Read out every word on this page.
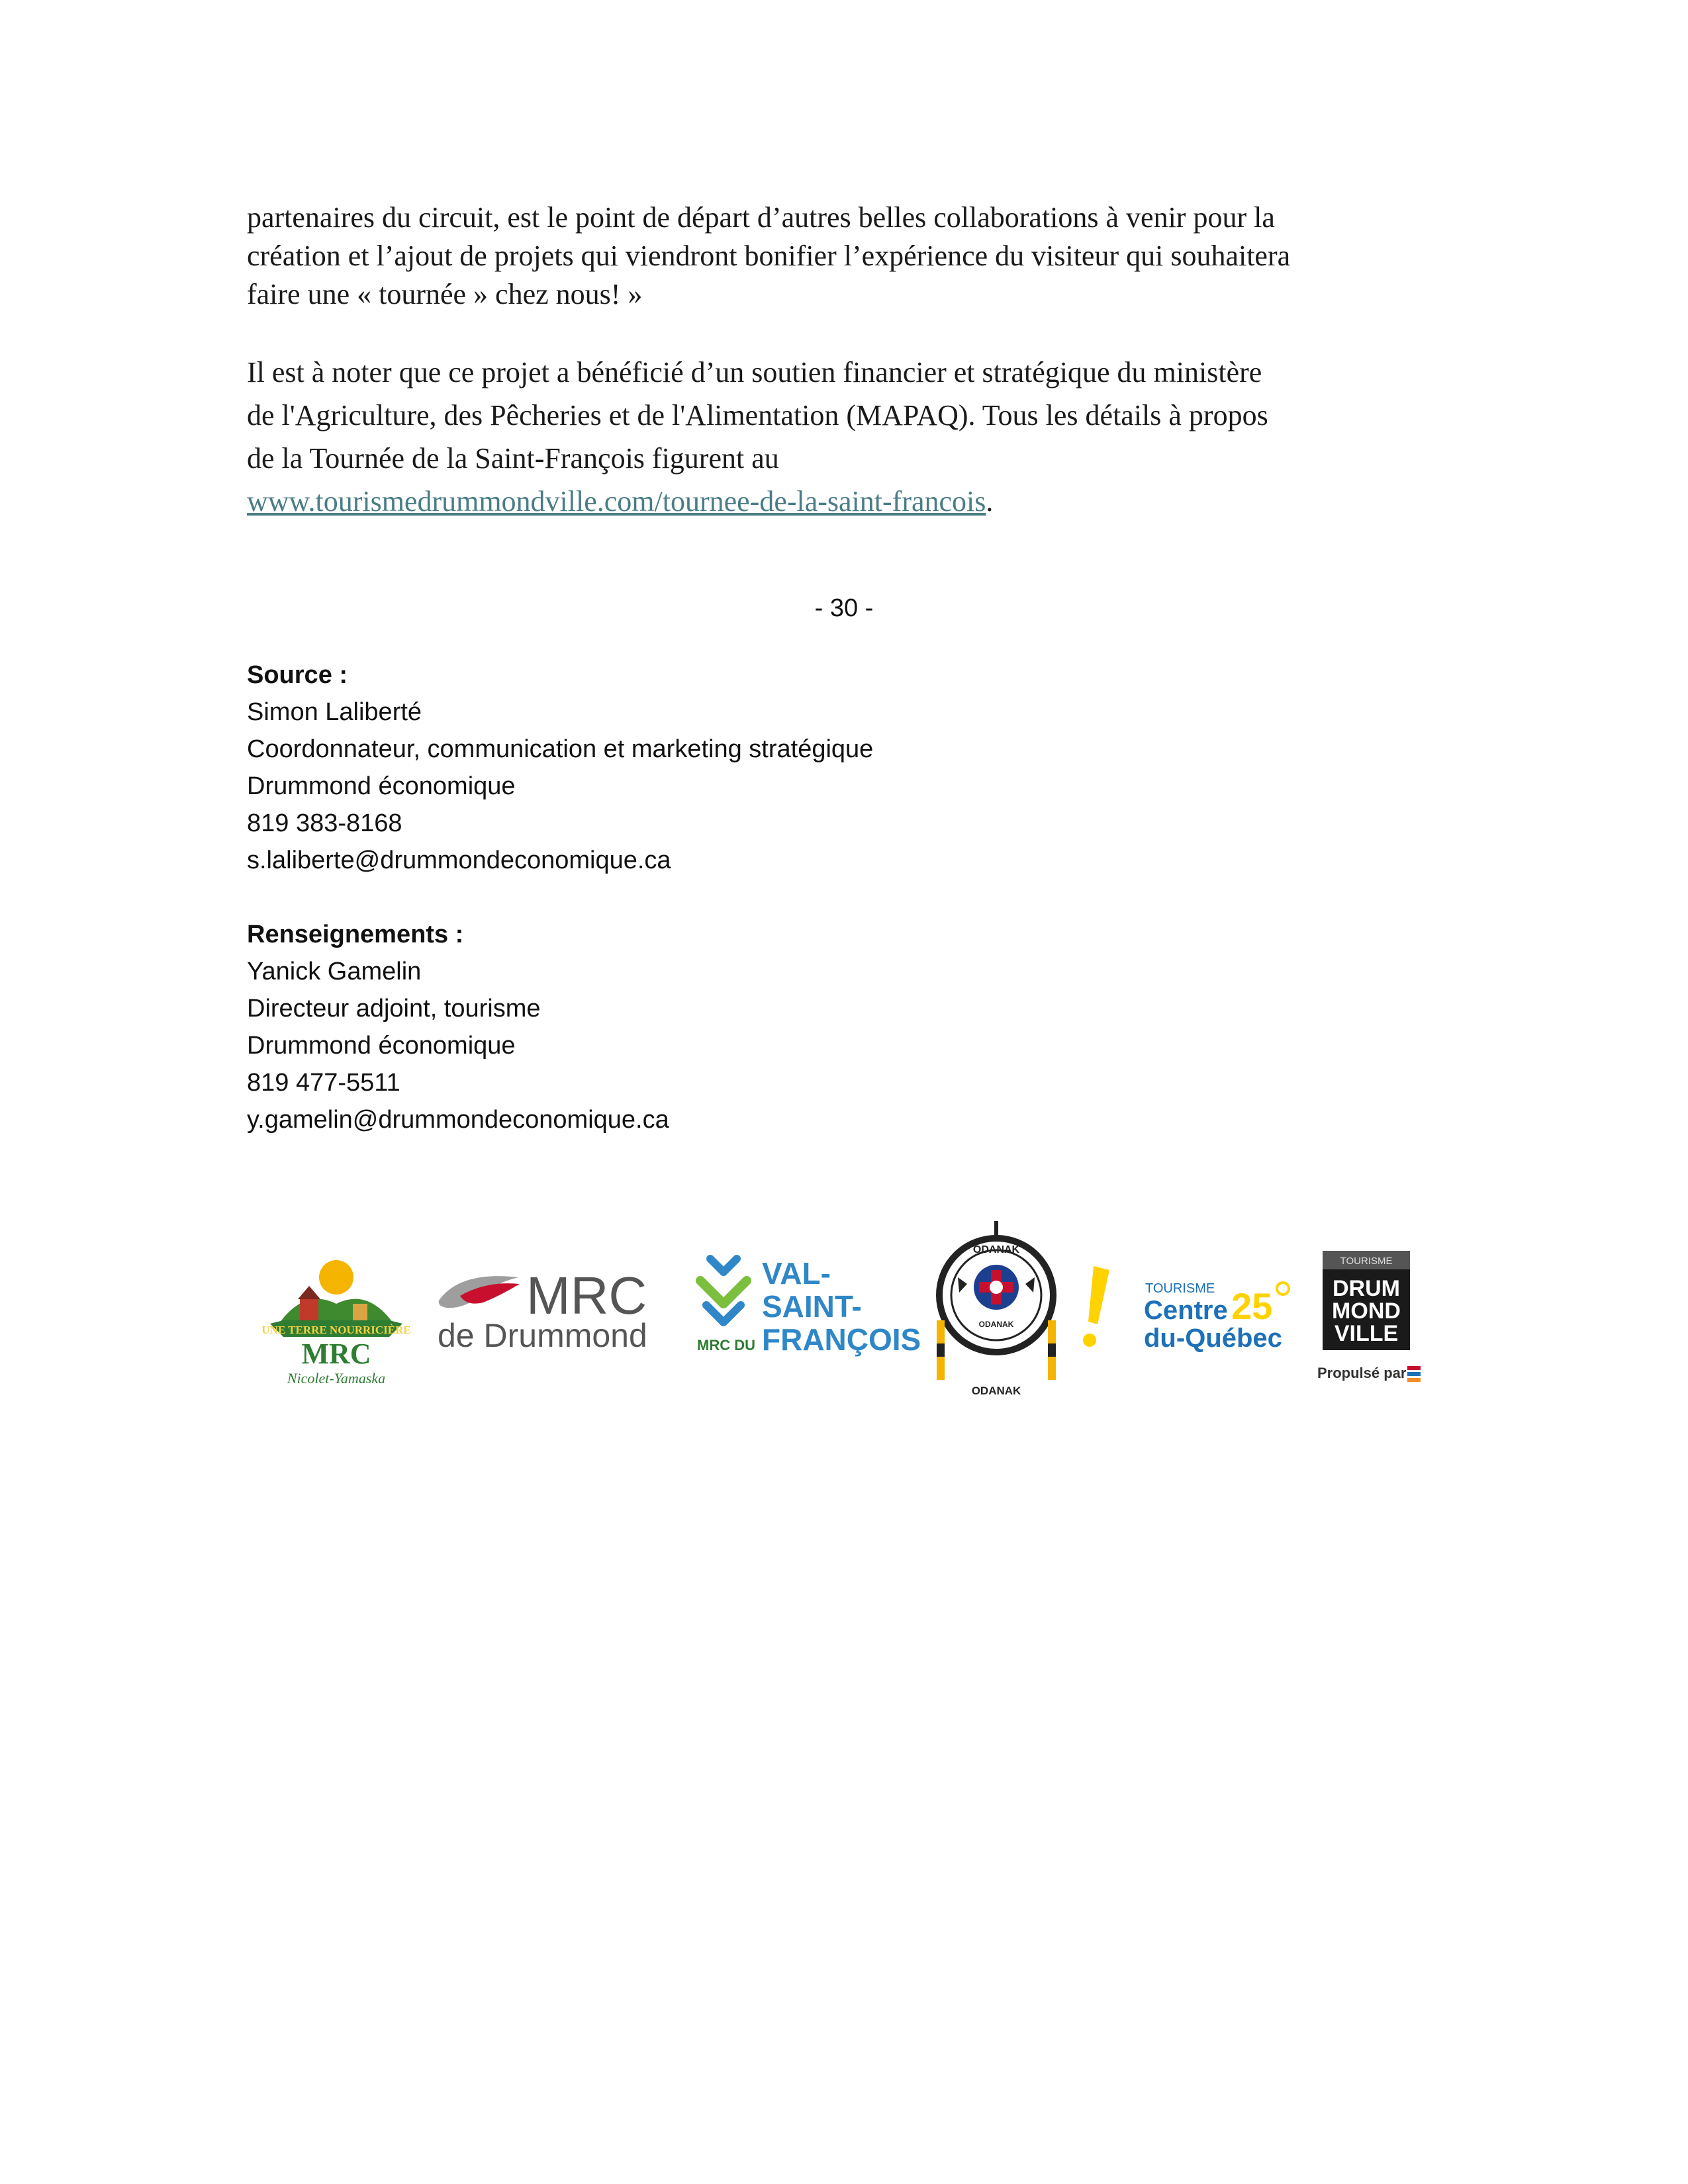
partenaires du circuit, est le point de départ d’autres belles collaborations à venir pour la

création et l’ajout de projets qui viendront bonifier l’expérience du visiteur qui souhaitera

faire une « tournée » chez nous! »

Il est à noter que ce projet a bénéficié d’un soutien financier et stratégique du ministère

de l'Agriculture, des Pêcheries et de l'Alimentation (MAPAQ). Tous les détails à propos

de la Tournée de la Saint-François figurent au

www.tourismedrummondville.com/tournee-de-la-saint-francois.

- 30 -
Source :
Simon Laliberté
Coordonnateur, communication et marketing stratégique
Drummond économique
819 383-8168
s.laliberte@drummondeconomique.ca
Renseignements :
Yanick Gamelin
Directeur adjoint, tourisme
Drummond économique
819 477-5511
y.gamelin@drummondeconomique.ca
UNE TERRE NOURRICIÈRE
MRC
Nicolet-Yamaska
MRC
de Drummond
VAL-
SAINT-
FRANÇOIS
MRC DU
ODANAK
ODANAK
ODANAK
TOURISME
Centre
du-Québec
25
TOURISME
DRUM
MOND
VILLE
Propulsé par
